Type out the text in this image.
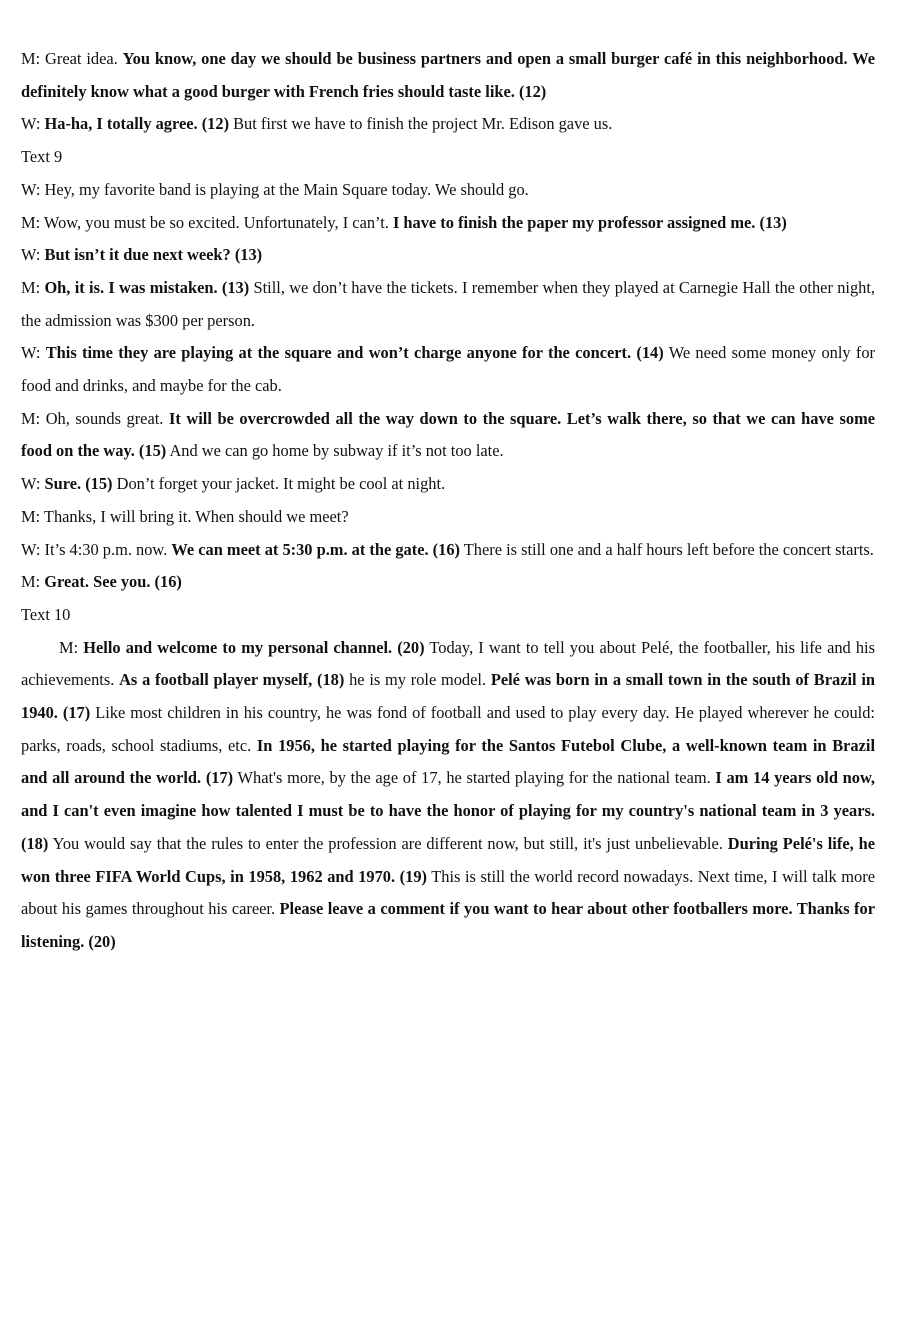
M: Great idea. You know, one day we should be business partners and open a small burger café in this neighborhood. We definitely know what a good burger with French fries should taste like. (12)

W: Ha-ha, I totally agree. (12) But first we have to finish the project Mr. Edison gave us.

Text 9

W: Hey, my favorite band is playing at the Main Square today. We should go.

M: Wow, you must be so excited. Unfortunately, I can’t. I have to finish the paper my professor assigned me. (13)

W: But isn’t it due next week? (13)

M: Oh, it is. I was mistaken. (13) Still, we don’t have the tickets. I remember when they played at Carnegie Hall the other night, the admission was $300 per person.

W: This time they are playing at the square and won’t charge anyone for the concert. (14) We need some money only for food and drinks, and maybe for the cab.

M: Oh, sounds great. It will be overcrowded all the way down to the square. Let’s walk there, so that we can have some food on the way. (15) And we can go home by subway if it’s not too late.

W: Sure. (15) Don’t forget your jacket. It might be cool at night.

M: Thanks, I will bring it. When should we meet?

W: It’s 4:30 p.m. now. We can meet at 5:30 p.m. at the gate. (16) There is still one and a half hours left before the concert starts.

M: Great. See you. (16)

Text 10

M: Hello and welcome to my personal channel. (20) Today, I want to tell you about Pelé, the footballer, his life and his achievements. As a football player myself, (18) he is my role model. Pelé was born in a small town in the south of Brazil in 1940. (17) Like most children in his country, he was fond of football and used to play every day. He played wherever he could: parks, roads, school stadiums, etc. In 1956, he started playing for the Santos Futebol Clube, a well-known team in Brazil and all around the world. (17) What's more, by the age of 17, he started playing for the national team. I am 14 years old now, and I can't even imagine how talented I must be to have the honor of playing for my country's national team in 3 years. (18) You would say that the rules to enter the profession are different now, but still, it's just unbelievable. During Pelé's life, he won three FIFA World Cups, in 1958, 1962 and 1970. (19) This is still the world record nowadays. Next time, I will talk more about his games throughout his career. Please leave a comment if you want to hear about other footballers more. Thanks for listening. (20)
